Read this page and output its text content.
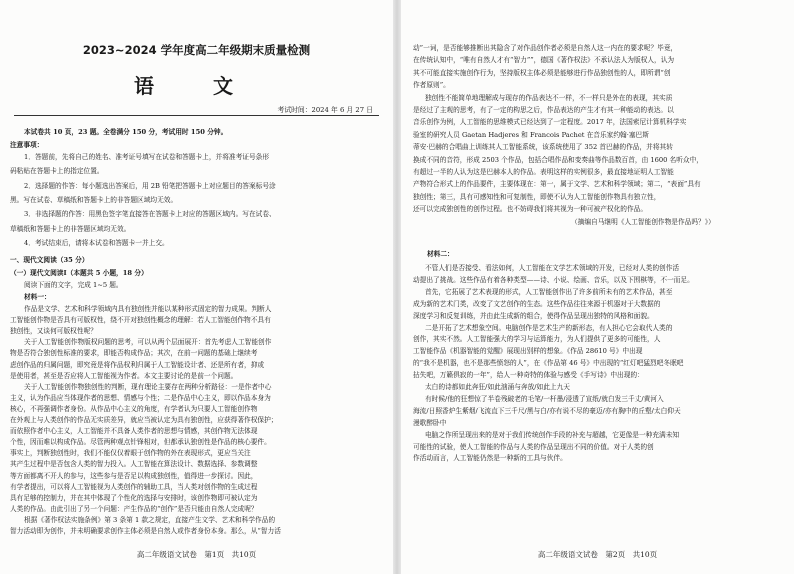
2023~2024 学年度高二年级期末质量检测
语 文
考试时间：2024 年 6 月 27 日
本试卷共 10 页，23 题。全卷满分 150 分，考试用时 150 分钟。
注意事项：
1．答题前，先将自己的姓名、准考证号填写在试卷和答题卡上，并将准考证号条形
码粘贴在答题卡上的指定位置。
2．选择题的作答：每小题选出答案后，用 2B 铅笔把答题卡上对应题目的答案标号涂
黑。写在试卷、草稿纸和答题卡上的非答题区域均无效。
3．非选择题的作答：用黑色签字笔直接答在答题卡上对应的答题区域内。写在试卷、
草稿纸和答题卡上的非答题区域均无效。
4．考试结束后，请将本试卷和答题卡一并上交。
一、现代文阅读（35 分）
（一）现代文阅读Ⅰ（本题共 5 小题，18 分）
阅读下面的文字，完成 1~5 题。
材料一：
作品是文学、艺术和科学领域内具有独创性并能以某种形式固定的智力成果。判断人
工智能创作物是否具有可版权性，绕不开对独创性概念的理解：若人工智能创作物不具有
独创性，又谈何可版权性呢？
关于人工智能创作物版权问题的思考，可以从两个层面展开：首先考虑人工智能创作
物是否符合独创性标准的要求，即能否构成作品；其次，在前一问题的基础上继续考
虑创作品的归属问题，即究竟是将作品权利归属于人工智能设计者、还是所有者，抑或
是使用者，甚至是否应将人工智能视为作者。本文主要讨论的是前一个问题。
关于人工智能创作物独创性的判断，现有理论主要存在两种分析路径：一是作者中心
主义，认为作品应当体现作者的思想、情感与个性；二是作品中心主义，即以作品本身为
核心，不再强调作者身份。从作品中心主义的角度，有学者认为只要人工智能创作物
在外观上与人类创作的作品无实质差异，就应当被认定为具有独创性，应获得著作权保护；
而依照作者中心主义，人工智能并不具备人类作者的思想与情感，其创作物无法体现
个性，因而难以构成作品。尽管两种观点针锋相对，但都承认独创性是作品的核心要件。
事实上，判断独创性时，我们不能仅仅着眼于创作物的外在表现形式，更应当关注
其产生过程中是否包含人类的智力投入。人工智能在算法设计、数据选择、参数调整
等方面都离不开人的参与，这些参与是否足以构成独创性，值得进一步探讨。因此，
有学者提出，可以将人工智能视为人类创作的辅助工具，当人类对创作物的生成过程
具有足够的控制力，并在其中体现了个性化的选择与安排时，该创作物即可被认定为
人类的作品。由此引出了另一个问题：产生作品的“创作”是否只能由自然人完成呢？
根据《著作权法实施条例》第 3 条第 1 款之规定，直接产生文学、艺术和科学作品的
智力活动即为创作，并未明确要求创作主体必须是自然人或作者身份本身。那么，从“智力活
高二年级语文试卷　第1页　共10页
动”一词，是否能够推断出其隐含了对作品创作者必须是自然人这一内在的要求呢？毕竟，
在传统认知中，“唯有自然人才有“智力””，德国《著作权法》不承认法人为版权人，认为
其不可能直接实施创作行为，坚持版权主体必须是能够进行作品独创性的人，即所谓“创
作者原则”。
独创性不能简单地理解成与现存的作品表达不一样，不一样只是外在的表现，其实质
是经过了主观的思考，有了一定的构思之后，作品表达的产生才有其一种能动的表达。以
音乐创作为例，人工智能的思维模式已经达到了一定程度。2017 年，法国索尼计算机科学实
验室的研究人员 Gaetan Hadjeres 和 Francois Pachet 在音乐家约翰·塞巴斯
蒂安·巴赫的合唱曲上训练其人工智能系统，该系统使用了 352 首巴赫的作品，并将其转
换成不同的音符，形成 2503 个作品，包括合唱作品和变奏曲等作品数百首，由 1600 名听众中，
有超过一半的人认为这是巴赫本人的作品。表明这样的实例很多，最直接地证明人工智能
产物符合形式上的作品要件，主要体现在：第一，属于文学、艺术和科学领域；第二，“表面”具有
独创性；第三，具有可感知性和可复制性，即使不认为人工智能创作物具有独立性，
还可以完成独创性的创作过程。也不妨碍我们将其视为一种可被产权化的作品。
（摘编自马继明《人工智能创作物是作品吗？》）
材料二：
不管人们是否接受、看法如何，人工智能在文学艺术领域的开发，已经对人类的创作活
动提出了挑战。这些作品有着各种类型——诗、小说、绘画、音乐，以及下围棋等，不一而足。
首先，它拓展了艺术表现的形式，人工智能创作出了许多前所未有的艺术作品，甚至
成为新的艺术门类，改变了文艺创作的生态。这些作品往往来源于机器对于大数据的
深度学习和反复训练，并由此生成新的组合，使得作品呈现出独特的风格和面貌。
二是开拓了艺术想象空间。电脑创作是艺术生产的新形态，有人担心它会取代人类的
创作，其实不然。人工智能强大的学习与运算能力，为人们提供了更多的可能性，人
工智能作品《机器智能的觉醒》展现出别样的想象。《作品 28610 号》中出现
的“我不是机器，也不是那些愤怒的人”，在《作品第 46 号》中出现的“红灯吧猛烈吧冬眠吧
拈失吧，万籁俱寂的一年”，给人一种奇特的体验与感受《手写诗》中出现的：
太白的诗都如此奔狂/如此汹涌与奔放/如此上九天
有时候/他的狂想惊了半卷残破老的毛笔/一杆墨/浸透了宣纸/就白发三千丈/黄河入
海流/日照香炉生紫烟/飞流直下三千尺/黑与白/亦有说不尽的豪迈/亦有胸中的丘壑/太白仰天
漫歌醉卧中
电脑之作所呈现出来的是对于我们传统创作手段的补充与超越，它更像是一种充满未知
可能性的试验，使人工智能的作品与人类的作品呈现出不同的价值。对于人类的创
作活动而言，人工智能仍然是一种新的工具与伙伴。
高二年级语文试卷　第2页　共10页
